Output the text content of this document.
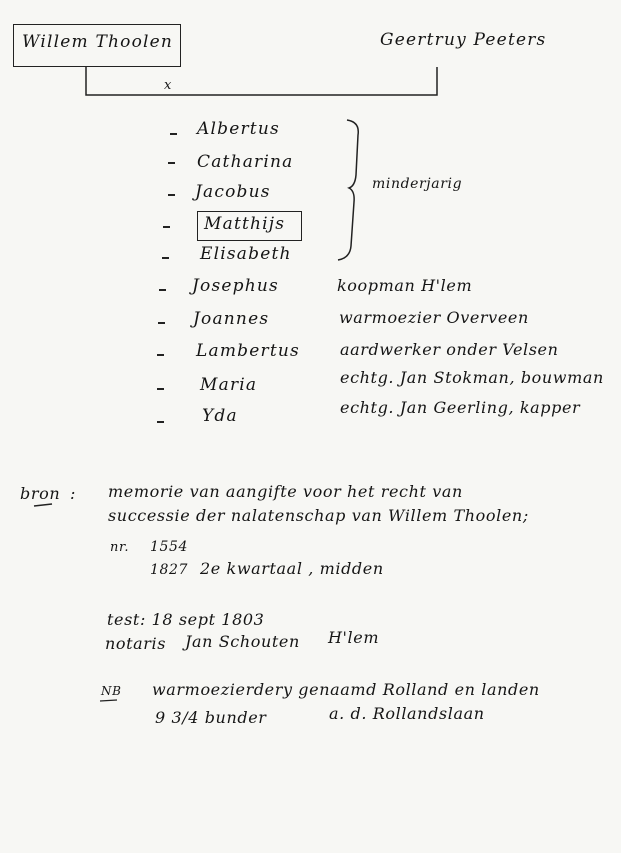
Willem Thoolen	Geertruy Peeters
x
Albertus
Catharina
Jacobus
Matthijs
Elisabeth
minderjarig
Josephus	koopman H'lem
Joannes	warmoezier Overveen
Lambertus	aardwerker onder Velsen
Maria	echtg. Jan Stokman, bouwman
Yda	echtg. Jan Geerling, kapper
bron : memorie van aangifte voor het recht van
successie der nalatenschap van Willem Thoolen;
nr. 1554
1827 2e kwartaal , midden
test: 18 sept 1803
notaris Jan Schouten H'lem
NB warmoezierdery genaamd Rolland en landen
9 3/4 bunder	a. d. Rollandslaan
